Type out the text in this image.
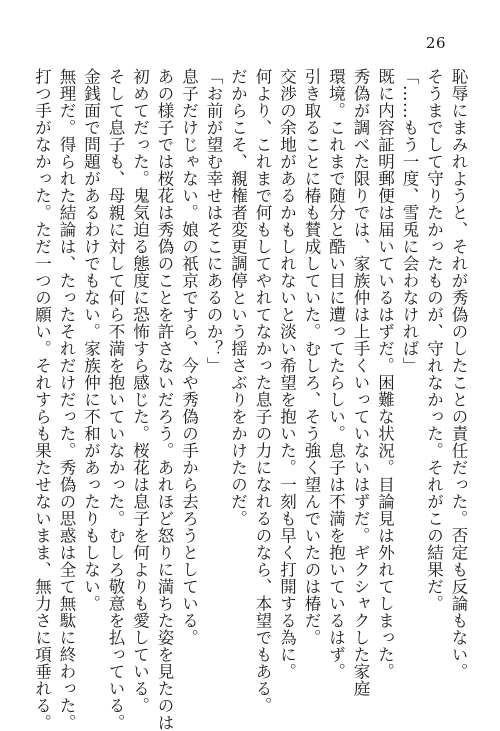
26
恥辱にまみれようと、それが秀偽のしたことの責任だった。否定も反論もない。
そうまでして守りたかったものが、守れなかった。それがこの結果だ。
「……もう一度、雪兎に会わなければ」
既に内容証明郵便は届いているはずだ。困難な状況。目論見は外れてしまった。
秀偽が調べた限りでは、家族仲は上手くいっていないはずだ。ギクシャクした家庭
環境。これまで随分と酷い目に遭ってたらしい。息子は不満を抱いているはず。
引き取ることに椿も賛成していた。むしろ、そう強く望んでいたのは椿だ。
交渉の余地があるかもしれないと淡い希望を抱いた。一刻も早く打開する為に。
何より、これまで何もしてやれてなかった息子の力になれるのなら、本望でもある。
だからこそ、親権者変更調停という揺さぶりをかけたのだ。
「お前が望む幸せはそこにあるのか？」
息子だけじゃない。娘の祇京ですら、今や秀偽の手から去ろうとしている。
あの様子では桜花は秀偽のことを許さないだろう。あれほど怒りに満ちた姿を見たのは
初めてだった。鬼気迫る態度に恐怖すら感じた。桜花は息子を何よりも愛している。
そして息子も、母親に対して何ら不満を抱いていなかった。むしろ敬意を払っている。
金銭面で問題があるわけでもない。家族仲に不和があったりもしない。
無理だ。得られた結論は、たったそれだけだった。秀偽の思惑は全て無駄に終わった。
打つ手がなかった。ただ一つの願い。それすらも果たせないまま、無力さに項垂れる。
